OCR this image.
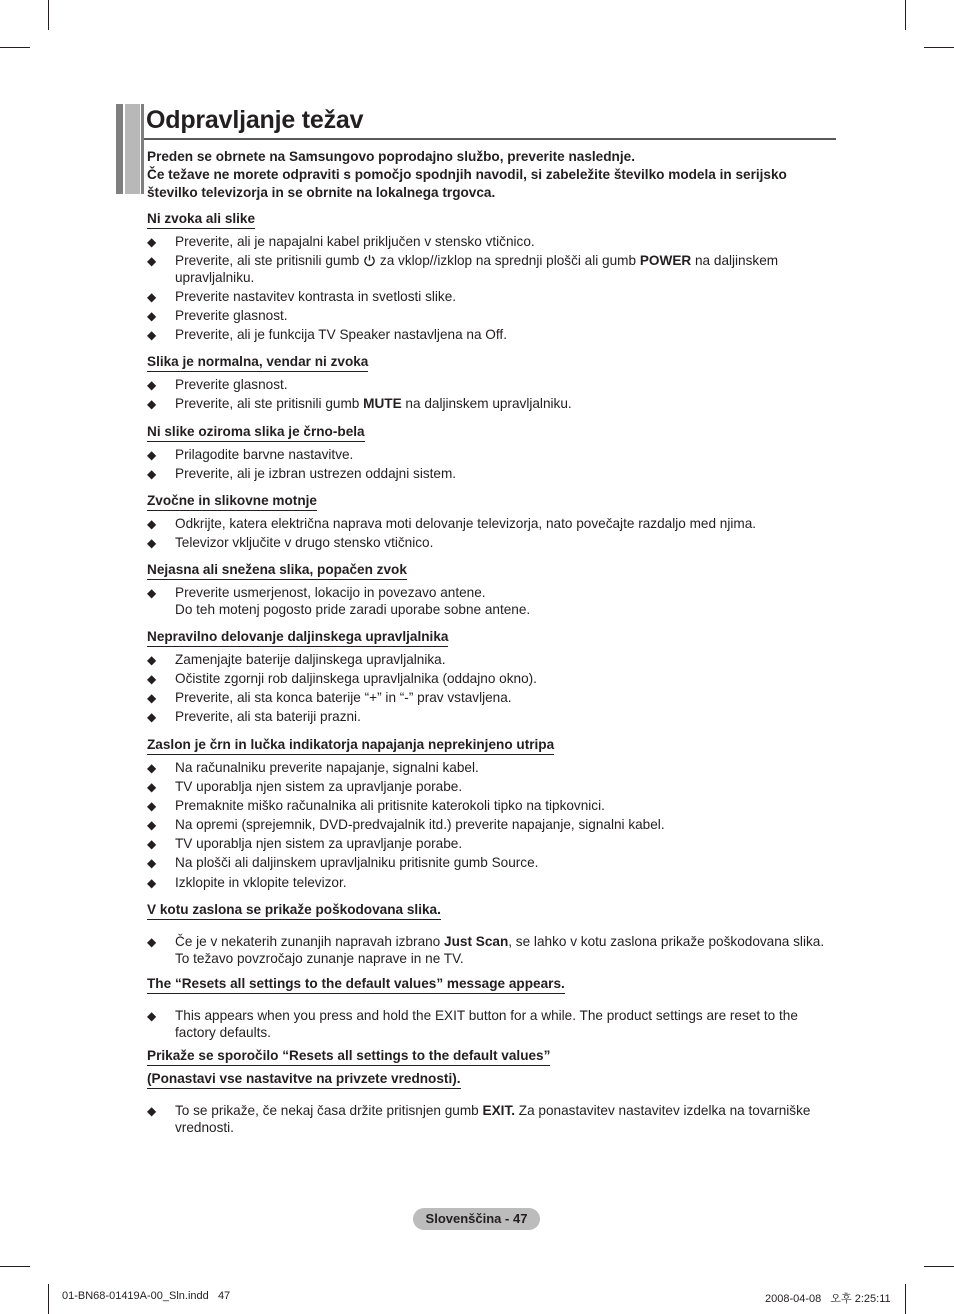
Odpravljanje težav

Preden se obrnete na Samsungovo poprodajno službo, preverite naslednje.

Če težave ne morete odpraviti s pomočjo spodnjih navodil, si zabeležite številko modela in serijsko številko televizorja in se obrnite na lokalnega trgovca.

Ni zvoka ali slike
◆ Preverite, ali je napajalni kabel priključen v stensko vtičnico.
◆ Preverite, ali ste pritisnili gumb za vklop//izklop na sprednji plošči ali gumb POWER na daljinskem upravljalniku.
◆ Preverite nastavitev kontrasta in svetlosti slike.
◆ Preverite glasnost.
◆ Preverite, ali je funkcija TV Speaker nastavljena na Off.
Slika je normalna, vendar ni zvoka
◆ Preverite glasnost.
◆ Preverite, ali ste pritisnili gumb MUTE na daljinskem upravljalniku.
Ni slike oziroma slika je črno-bela
◆ Prilagodite barvne nastavitve.
◆ Preverite, ali je izbran ustrezen oddajni sistem.
Zvočne in slikovne motnje
◆ Odkrijte, katera električna naprava moti delovanje televizorja, nato povečajte razdaljo med njima.
◆ Televizor vključite v drugo stensko vtičnico.
Nejasna ali snežena slika, popačen zvok
◆ Preverite usmerjenost, lokacijo in povezavo antene.
Do teh motenj pogosto pride zaradi uporabe sobne antene.
Nepravilno delovanje daljinskega upravljalnika
◆ Zamenjajte baterije daljinskega upravljalnika.
◆ Očistite zgornji rob daljinskega upravljalnika (oddajno okno).
◆ Preverite, ali sta konca baterije “+” in “-” prav vstavljena.
◆ Preverite, ali sta bateriji prazni.
Zaslon je črn in lučka indikatorja napajanja neprekinjeno utripa
◆ Na računalniku preverite napajanje, signalni kabel.
◆ TV uporablja njen sistem za upravljanje porabe.
◆ Premaknite miško računalnika ali pritisnite katerokoli tipko na tipkovnici.
◆ Na opremi (sprejemnik, DVD-predvajalnik itd.) preverite napajanje, signalni kabel.
◆ TV uporablja njen sistem za upravljanje porabe.
◆ Na plošči ali daljinskem upravljalniku pritisnite gumb Source.
◆ Izklopite in vklopite televizor.
V kotu zaslona se prikaže poškodovana slika.
◆ Če je v nekaterih zunanjih napravah izbrano Just Scan, se lahko v kotu zaslona prikaže poškodovana slika. To težavo povzročajo zunanje naprave in ne TV.
The “Resets all settings to the default values” message appears.
◆ This appears when you press and hold the EXIT button for a while. The product settings are reset to the factory defaults.
Prikaže se sporočilo “Resets all settings to the default values”
(Ponastavi vse nastavitve na privzete vrednosti).
◆ To se prikaže, če nekaj časa držite pritisnjen gumb EXIT. Za ponastavitev nastavitev izdelka na tovarniške vrednosti.
Slovenščina - 47
01-BN68-01419A-00_Sln.indd   47	2008-04-08   오후 2:25:11
